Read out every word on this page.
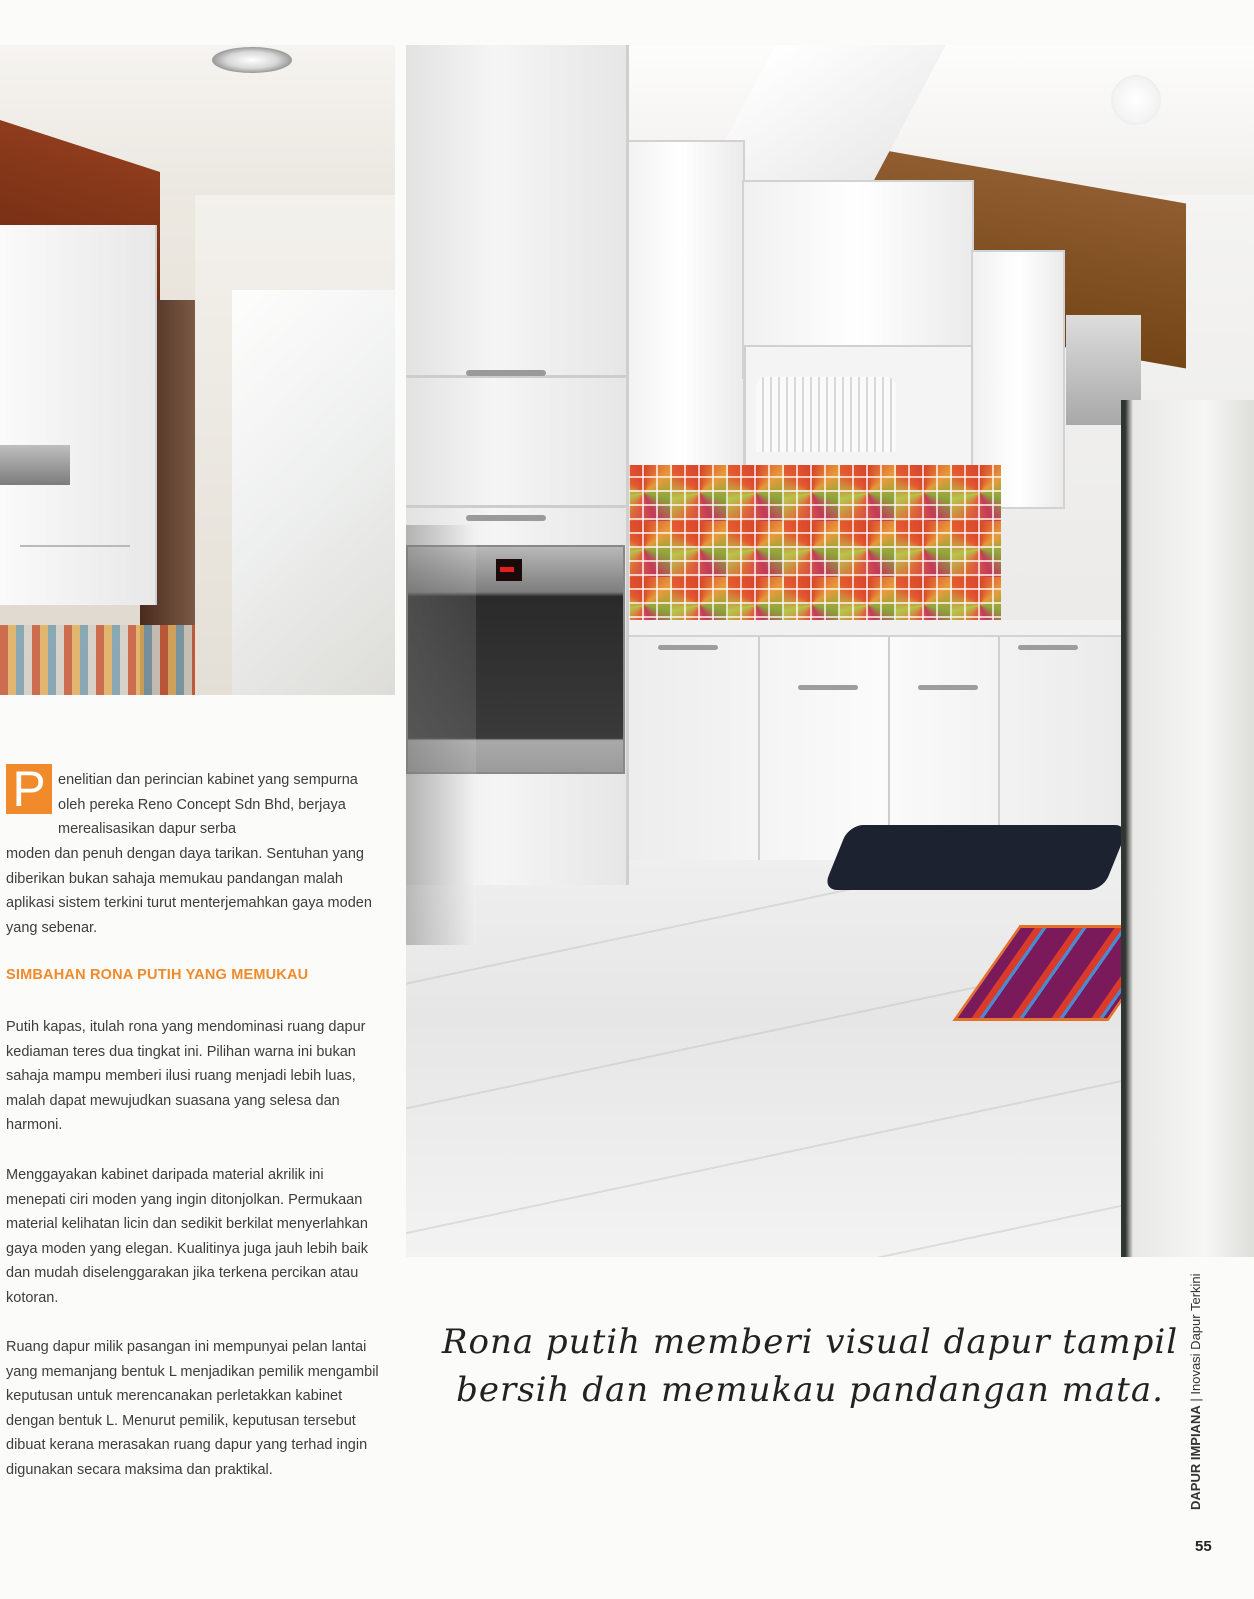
P enelitian dan perincian kabinet yang sempurna oleh pereka Reno Concept Sdn Bhd, berjaya merealisasikan dapur serba

moden dan penuh dengan daya tarikan. Sentuhan yang diberikan bukan sahaja memukau pandangan malah aplikasi sistem terkini turut menterjemahkan gaya moden yang sebenar.

SIMBAHAN RONA PUTIH YANG MEMUKAU

Putih kapas, itulah rona yang mendominasi ruang dapur kediaman teres dua tingkat ini. Pilihan warna ini bukan sahaja mampu memberi ilusi ruang menjadi lebih luas, malah dapat mewujudkan suasana yang selesa dan harmoni.

Menggayakan kabinet daripada material akrilik ini menepati ciri moden yang ingin ditonjolkan. Permukaan material kelihatan licin dan sedikit berkilat menyerlahkan gaya moden yang elegan. Kualitinya juga jauh lebih baik dan mudah diselenggarakan jika terkena percikan atau kotoran.

Ruang dapur milik pasangan ini mempunyai pelan lantai yang memanjang bentuk L menjadikan pemilik mengambil keputusan untuk merencanakan perletakkan kabinet dengan bentuk L. Menurut pemilik, keputusan tersebut dibuat kerana merasakan ruang dapur yang terhad ingin digunakan secara maksima dan praktikal.

Rona putih memberi visual dapur tampil bersih dan memukau pandangan mata.

DAPUR IMPIANA | Inovasi Dapur Terkini
55
